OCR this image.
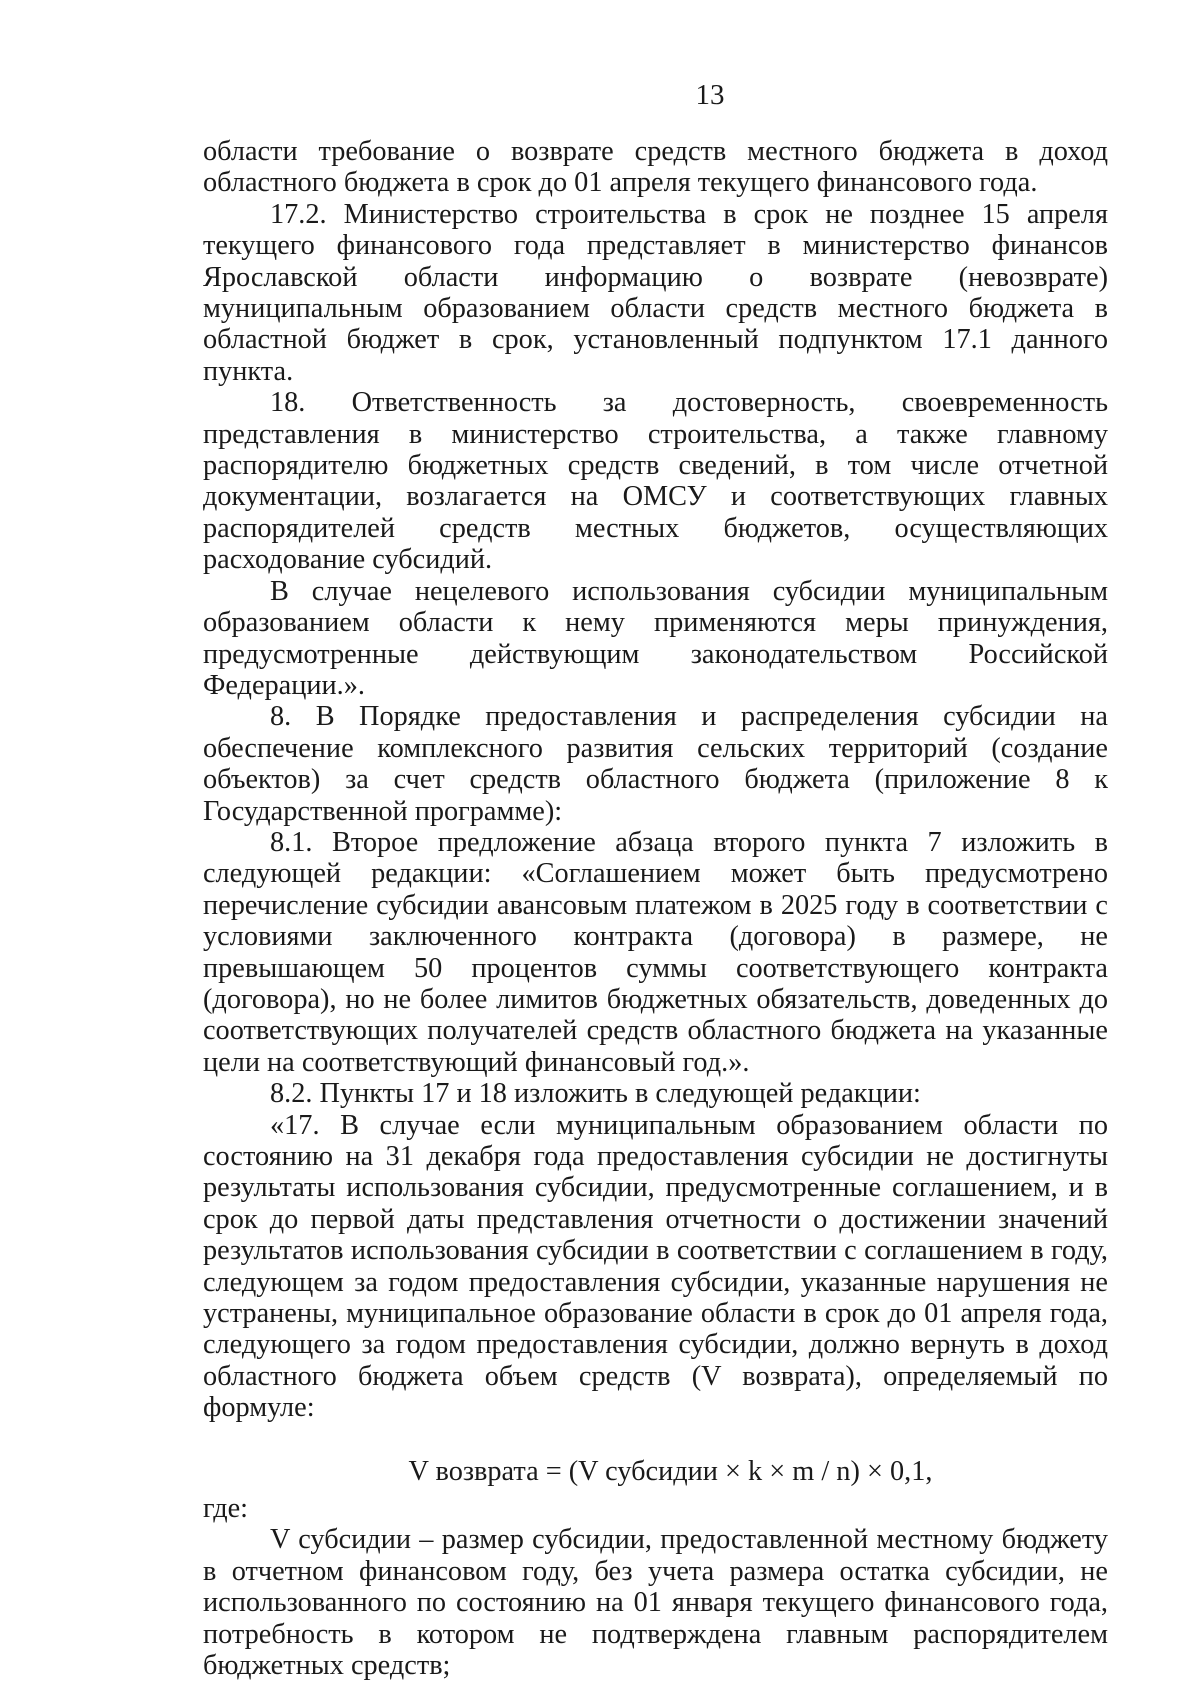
13

области требование о возврате средств местного бюджета в доход областного бюджета в срок до 01 апреля текущего финансового года.

17.2. Министерство строительства в срок не позднее 15 апреля текущего финансового года представляет в министерство финансов Ярославской области информацию о возврате (невозврате) муниципальным образованием области средств местного бюджета в областной бюджет в срок, установленный подпунктом 17.1 данного пункта.

18. Ответственность за достоверность, своевременность представления в министерство строительства, а также главному распорядителю бюджетных средств сведений, в том числе отчетной документации, возлагается на ОМСУ и соответствующих главных распорядителей средств местных бюджетов, осуществляющих расходование субсидий.

В случае нецелевого использования субсидии муниципальным образованием области к нему применяются меры принуждения, предусмотренные действующим законодательством Российской Федерации.».

8. В Порядке предоставления и распределения субсидии на обеспечение комплексного развития сельских территорий (создание объектов) за счет средств областного бюджета (приложение 8 к Государственной программе):

8.1. Второе предложение абзаца второго пункта 7 изложить в следующей редакции: «Соглашением может быть предусмотрено перечисление субсидии авансовым платежом в 2025 году в соответствии с условиями заключенного контракта (договора) в размере, не превышающем 50 процентов суммы соответствующего контракта (договора), но не более лимитов бюджетных обязательств, доведенных до соответствующих получателей средств областного бюджета на указанные цели на соответствующий финансовый год.».

8.2. Пункты 17 и 18 изложить в следующей редакции:

«17. В случае если муниципальным образованием области по состоянию на 31 декабря года предоставления субсидии не достигнуты результаты использования субсидии, предусмотренные соглашением, и в срок до первой даты представления отчетности о достижении значений результатов использования субсидии в соответствии с соглашением в году, следующем за годом предоставления субсидии, указанные нарушения не устранены, муниципальное образование области в срок до 01 апреля года, следующего за годом предоставления субсидии, должно вернуть в доход областного бюджета объем средств (V возврата), определяемый по формуле:

V возврата = (V субсидии × k × m / n) × 0,1,

где:

V субсидии – размер субсидии, предоставленной местному бюджету в отчетном финансовом году, без учета размера остатка субсидии, не использованного по состоянию на 01 января текущего финансового года, потребность в котором не подтверждена главным распорядителем бюджетных средств;
